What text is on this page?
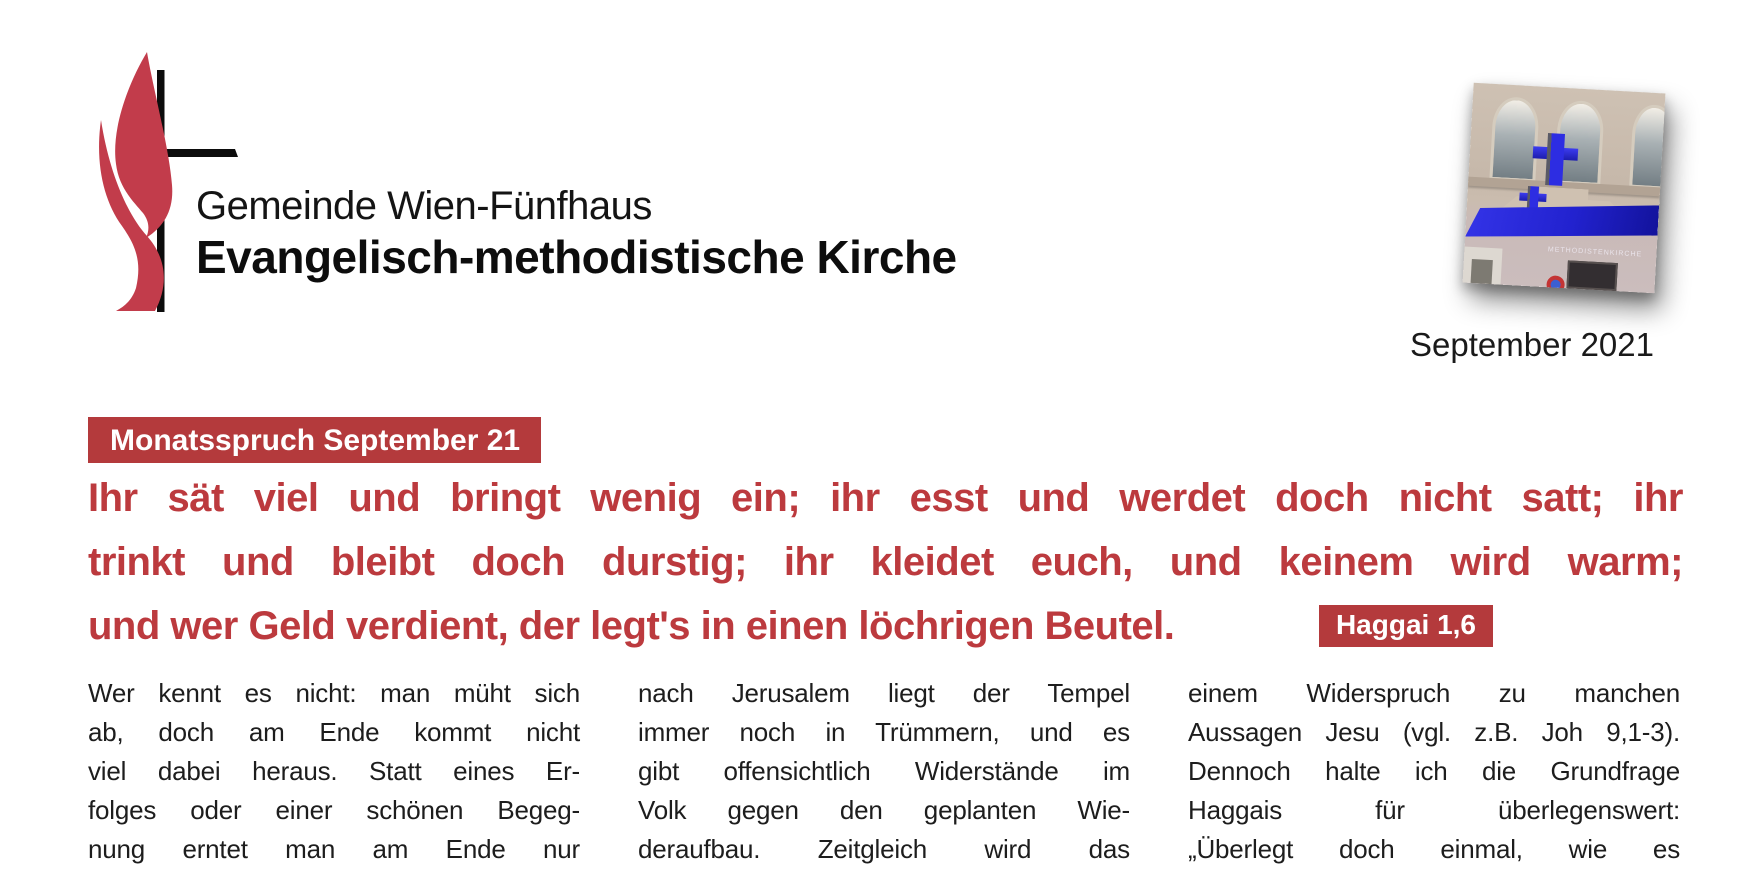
Gemeinde Wien-Fünfhaus
Evangelisch-methodistische Kirche	METHODISTENKIRCHE
September 2021
Monatsspruch September 21
Ihr sät viel und bringt wenig ein; ihr esst und werdet doch nicht satt; ihr
trinkt und bleibt doch durstig; ihr kleidet euch, und keinem wird warm;
und wer Geld verdient, der legt's in einen löchrigen Beutel.	Haggai 1,6
Wer kennt es nicht: man müht sich
ab, doch am Ende kommt nicht
viel dabei heraus. Statt eines Er-
folges oder einer schönen Begeg-
nung erntet man am Ende nur
nach Jerusalem liegt der Tempel
immer noch in Trümmern, und es
gibt offensichtlich Widerstände im
Volk gegen den geplanten Wie-
deraufbau. Zeitgleich wird das
einem Widerspruch zu manchen
Aussagen Jesu (vgl. z.B. Joh 9,1-3).
Dennoch halte ich die Grundfrage
Haggais für überlegenswert:
„Überlegt doch einmal, wie es
